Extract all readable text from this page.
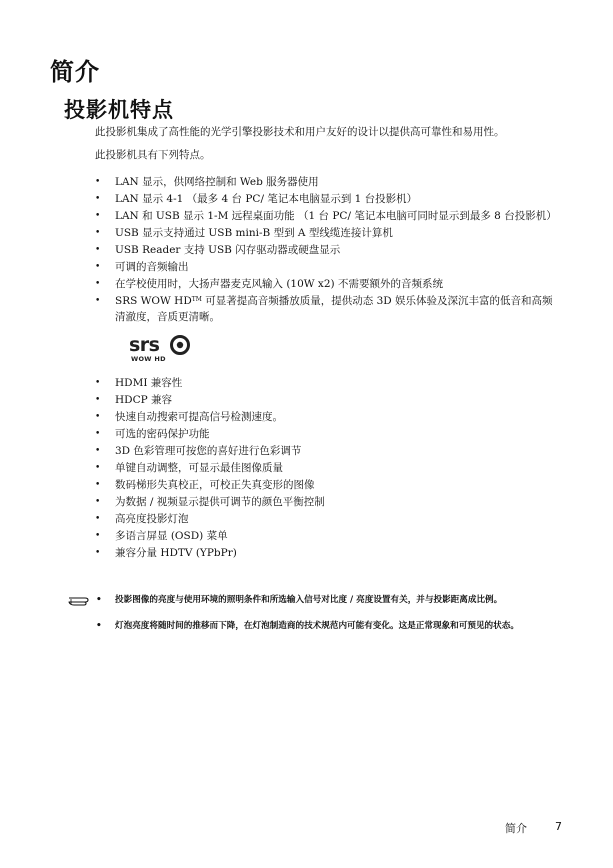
简介
投影机特点

此投影机集成了高性能的光学引擎投影技术和用户友好的设计以提供高可靠性和易用性。

此投影机具有下列特点。

• LAN 显示，供网络控制和 Web 服务器使用
• LAN 显示 4-1 （最多 4 台 PC/ 笔记本电脑显示到 1 台投影机）
• LAN 和 USB 显示 1-M 远程桌面功能 （1 台 PC/ 笔记本电脑可同时显示到最多 8 台投影机）
• USB 显示支持通过 USB mini-B 型到 A 型线缆连接计算机
• USB Reader 支持 USB 闪存驱动器或硬盘显示
• 可调的音频输出
• 在学校使用时，大扬声器麦克风输入 (10W x2) 不需要额外的音频系统
• SRS WOW HD™ 可显著提高音频播放质量，提供动态 3D 娱乐体验及深沉丰富的低音和高频清澈度，音质更清晰。
srs
WOW HD
• HDMI 兼容性
• HDCP 兼容
• 快速自动搜索可提高信号检测速度。
• 可选的密码保护功能
• 3D 色彩管理可按您的喜好进行色彩调节
• 单键自动调整，可显示最佳图像质量
• 数码梯形失真校正，可校正失真变形的图像
• 为数据 / 视频显示提供可调节的颜色平衡控制
• 高亮度投影灯泡
• 多语言屏显 (OSD) 菜单
• 兼容分量 HDTV (YPbPr)
• 投影图像的亮度与使用环境的照明条件和所选输入信号对比度 / 亮度设置有关，并与投影距离成比例。
• 灯泡亮度将随时间的推移而下降，在灯泡制造商的技术规范内可能有变化。这是正常现象和可预见的状态。
简介	7
